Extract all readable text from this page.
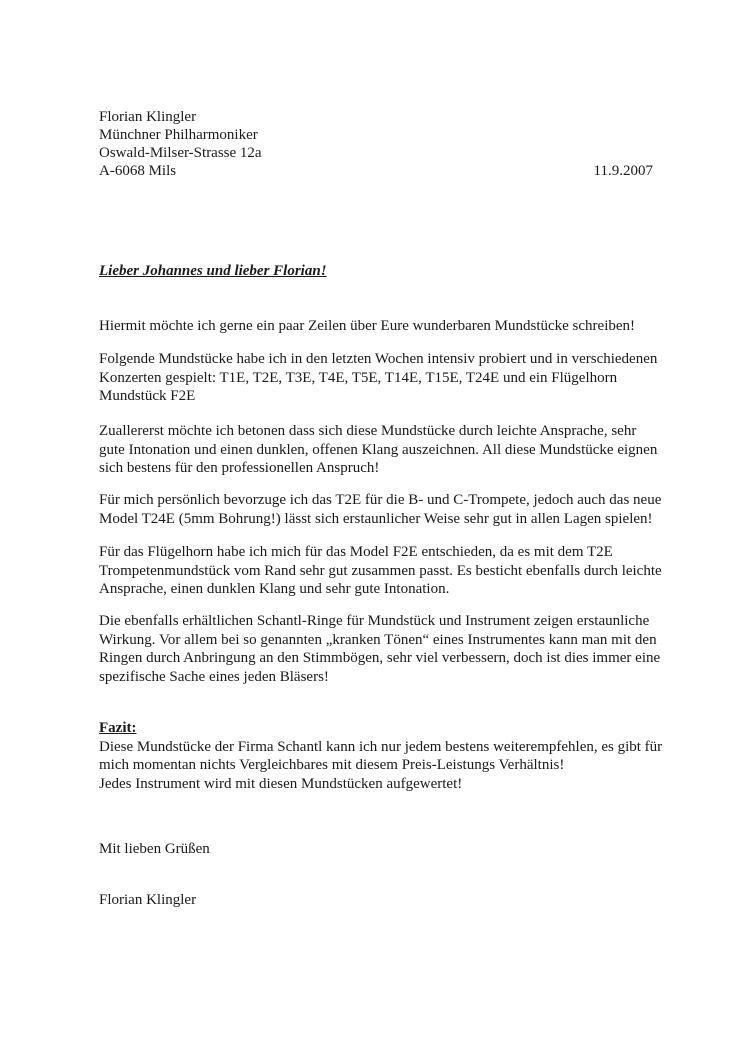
Florian Klingler
Münchner Philharmoniker
Oswald-Milser-Strasse 12a
A-6068 Mils	11.9.2007
Lieber Johannes und lieber Florian!
Hiermit möchte ich gerne ein paar Zeilen über Eure wunderbaren Mundstücke schreiben!
Folgende Mundstücke habe ich in den letzten Wochen intensiv probiert und in verschiedenen
Konzerten gespielt: T1E, T2E, T3E, T4E, T5E, T14E, T15E, T24E und ein Flügelhorn
Mundstück F2E
Zuallererst möchte ich betonen dass sich diese Mundstücke durch leichte Ansprache, sehr
gute Intonation und einen dunklen, offenen Klang auszeichnen. All diese Mundstücke eignen
sich bestens für den professionellen Anspruch!
Für mich persönlich bevorzuge ich das T2E für die B- und C-Trompete, jedoch auch das neue
Model T24E (5mm Bohrung!) lässt sich erstaunlicher Weise sehr gut in allen Lagen spielen!
Für das Flügelhorn habe ich mich für das Model F2E entschieden, da es mit dem T2E
Trompetenmundstück vom Rand sehr gut zusammen passt. Es besticht ebenfalls durch leichte
Ansprache, einen dunklen Klang und sehr gute Intonation.
Die ebenfalls erhältlichen Schantl-Ringe für Mundstück und Instrument zeigen erstaunliche
Wirkung. Vor allem bei so genannten „kranken Tönen“ eines Instrumentes kann man mit den
Ringen durch Anbringung an den Stimmbögen, sehr viel verbessern, doch ist dies immer eine
spezifische Sache eines jeden Bläsers!
Fazit:
Diese Mundstücke der Firma Schantl kann ich nur jedem bestens weiterempfehlen, es gibt für
mich momentan nichts Vergleichbares mit diesem Preis-Leistungs Verhältnis!
Jedes Instrument wird mit diesen Mundstücken aufgewertet!
Mit lieben Grüßen
Florian Klingler
